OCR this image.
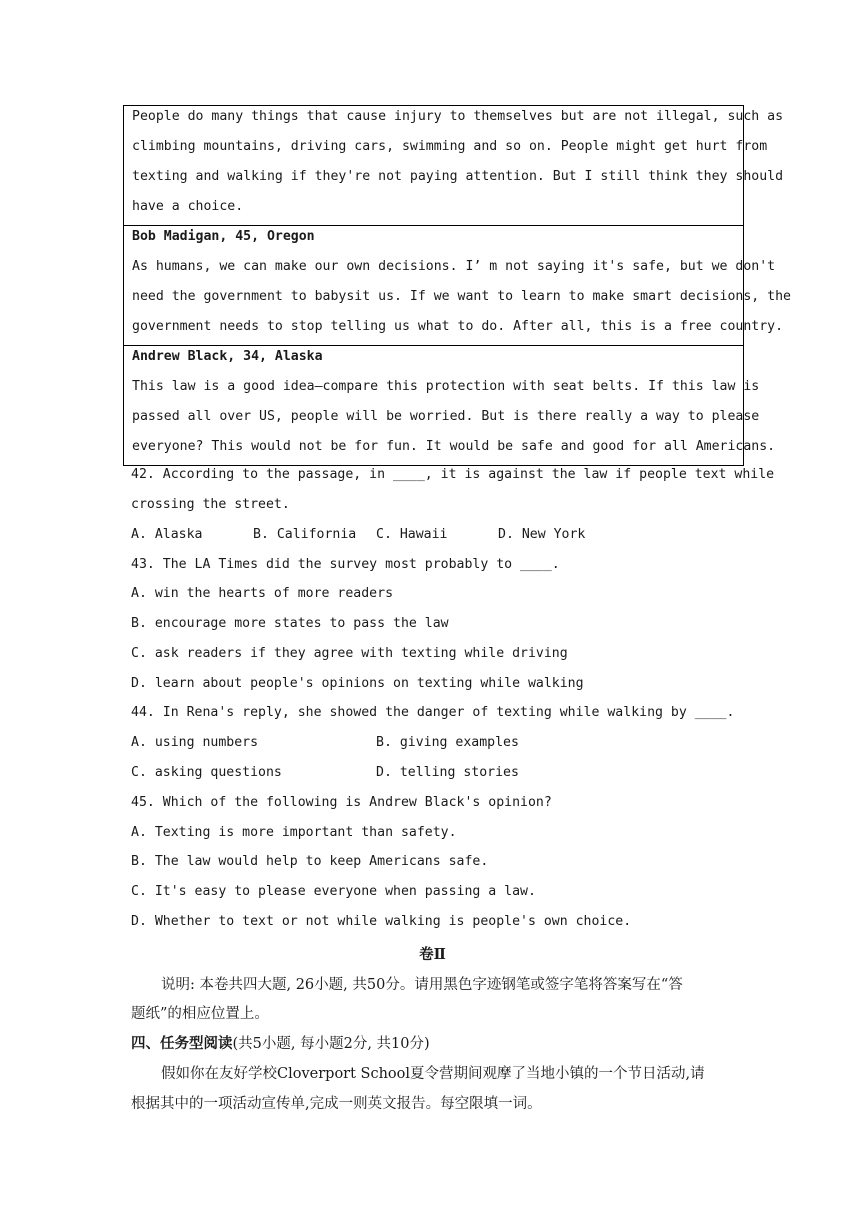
People do many things that cause injury to themselves but are not illegal, such as
climbing mountains, driving cars, swimming and so on. People might get hurt from
texting and walking if they're not paying attention. But I still think they should
have a choice.
Bob Madigan, 45, Oregon
As humans, we can make our own decisions. I’ m not saying it's safe, but we don't
need the government to babysit us. If we want to learn to make smart decisions, the
government needs to stop telling us what to do. After all, this is a free country.
Andrew Black, 34, Alaska
This law is a good idea—compare this protection with seat belts. If this law is
passed all over US, people will be worried. But is there really a way to please
everyone? This would not be for fun. It would be safe and good for all Americans.
42. According to the passage, in ____, it is against the law if people text while
crossing the street.
A. Alaska	B. California C. Hawaii	D. New York
43. The LA Times did the survey most probably to ____.
A. win the hearts of more readers
B. encourage more states to pass the law
C. ask readers if they agree with texting while driving
D. learn about people's opinions on texting while walking
44. In Rena's reply, she showed the danger of texting while walking by ____.
A. using numbers	B. giving examples
C. asking questions	D. telling stories
45. Which of the following is Andrew Black's opinion?
A. Texting is more important than safety.
B. The law would help to keep Americans safe.
C. It's easy to please everyone when passing a law.
D. Whether to text or not while walking is people's own choice.
卷Ⅱ
说明: 本卷共四大题, 26小题, 共50分。请用黑色字迹钢笔或签字笔将答案写在“答
题纸”的相应位置上。
四、任务型阅读(共5小题, 每小题2分, 共10分)
假如你在友好学校Cloverport School夏令营期间观摩了当地小镇的一个节日活动,请
根据其中的一项活动宣传单,完成一则英文报告。每空限填一词。
